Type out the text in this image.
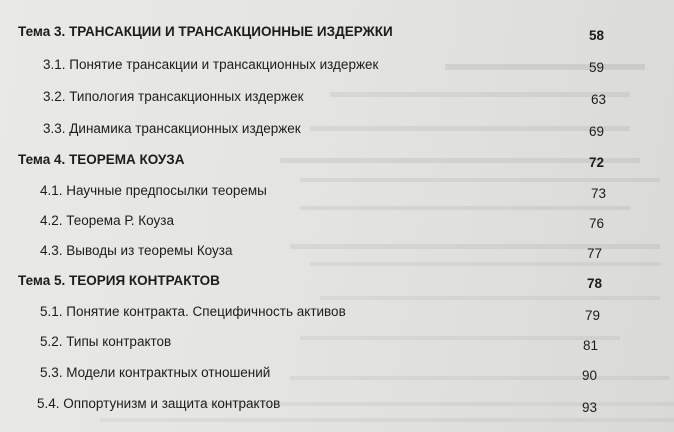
Тема 3. ТРАНСАКЦИИ И ТРАНСАКЦИОННЫЕ ИЗДЕРЖКИ	58
3.1. Понятие трансакции и трансакционных издержек	59
3.2. Типология трансакционных издержек	63
3.3. Динамика трансакционных издержек	69
Тема 4. ТЕОРЕМА КОУЗА	72
4.1. Научные предпосылки теоремы	73
4.2. Теорема Р. Коуза	76
4.3. Выводы из теоремы Коуза	77
Тема 5. ТЕОРИЯ КОНТРАКТОВ	78
5.1. Понятие контракта. Специфичность активов	79
5.2. Типы контрактов	81
5.3. Модели контрактных отношений	90
5.4. Оппортунизм и защита контрактов	93
